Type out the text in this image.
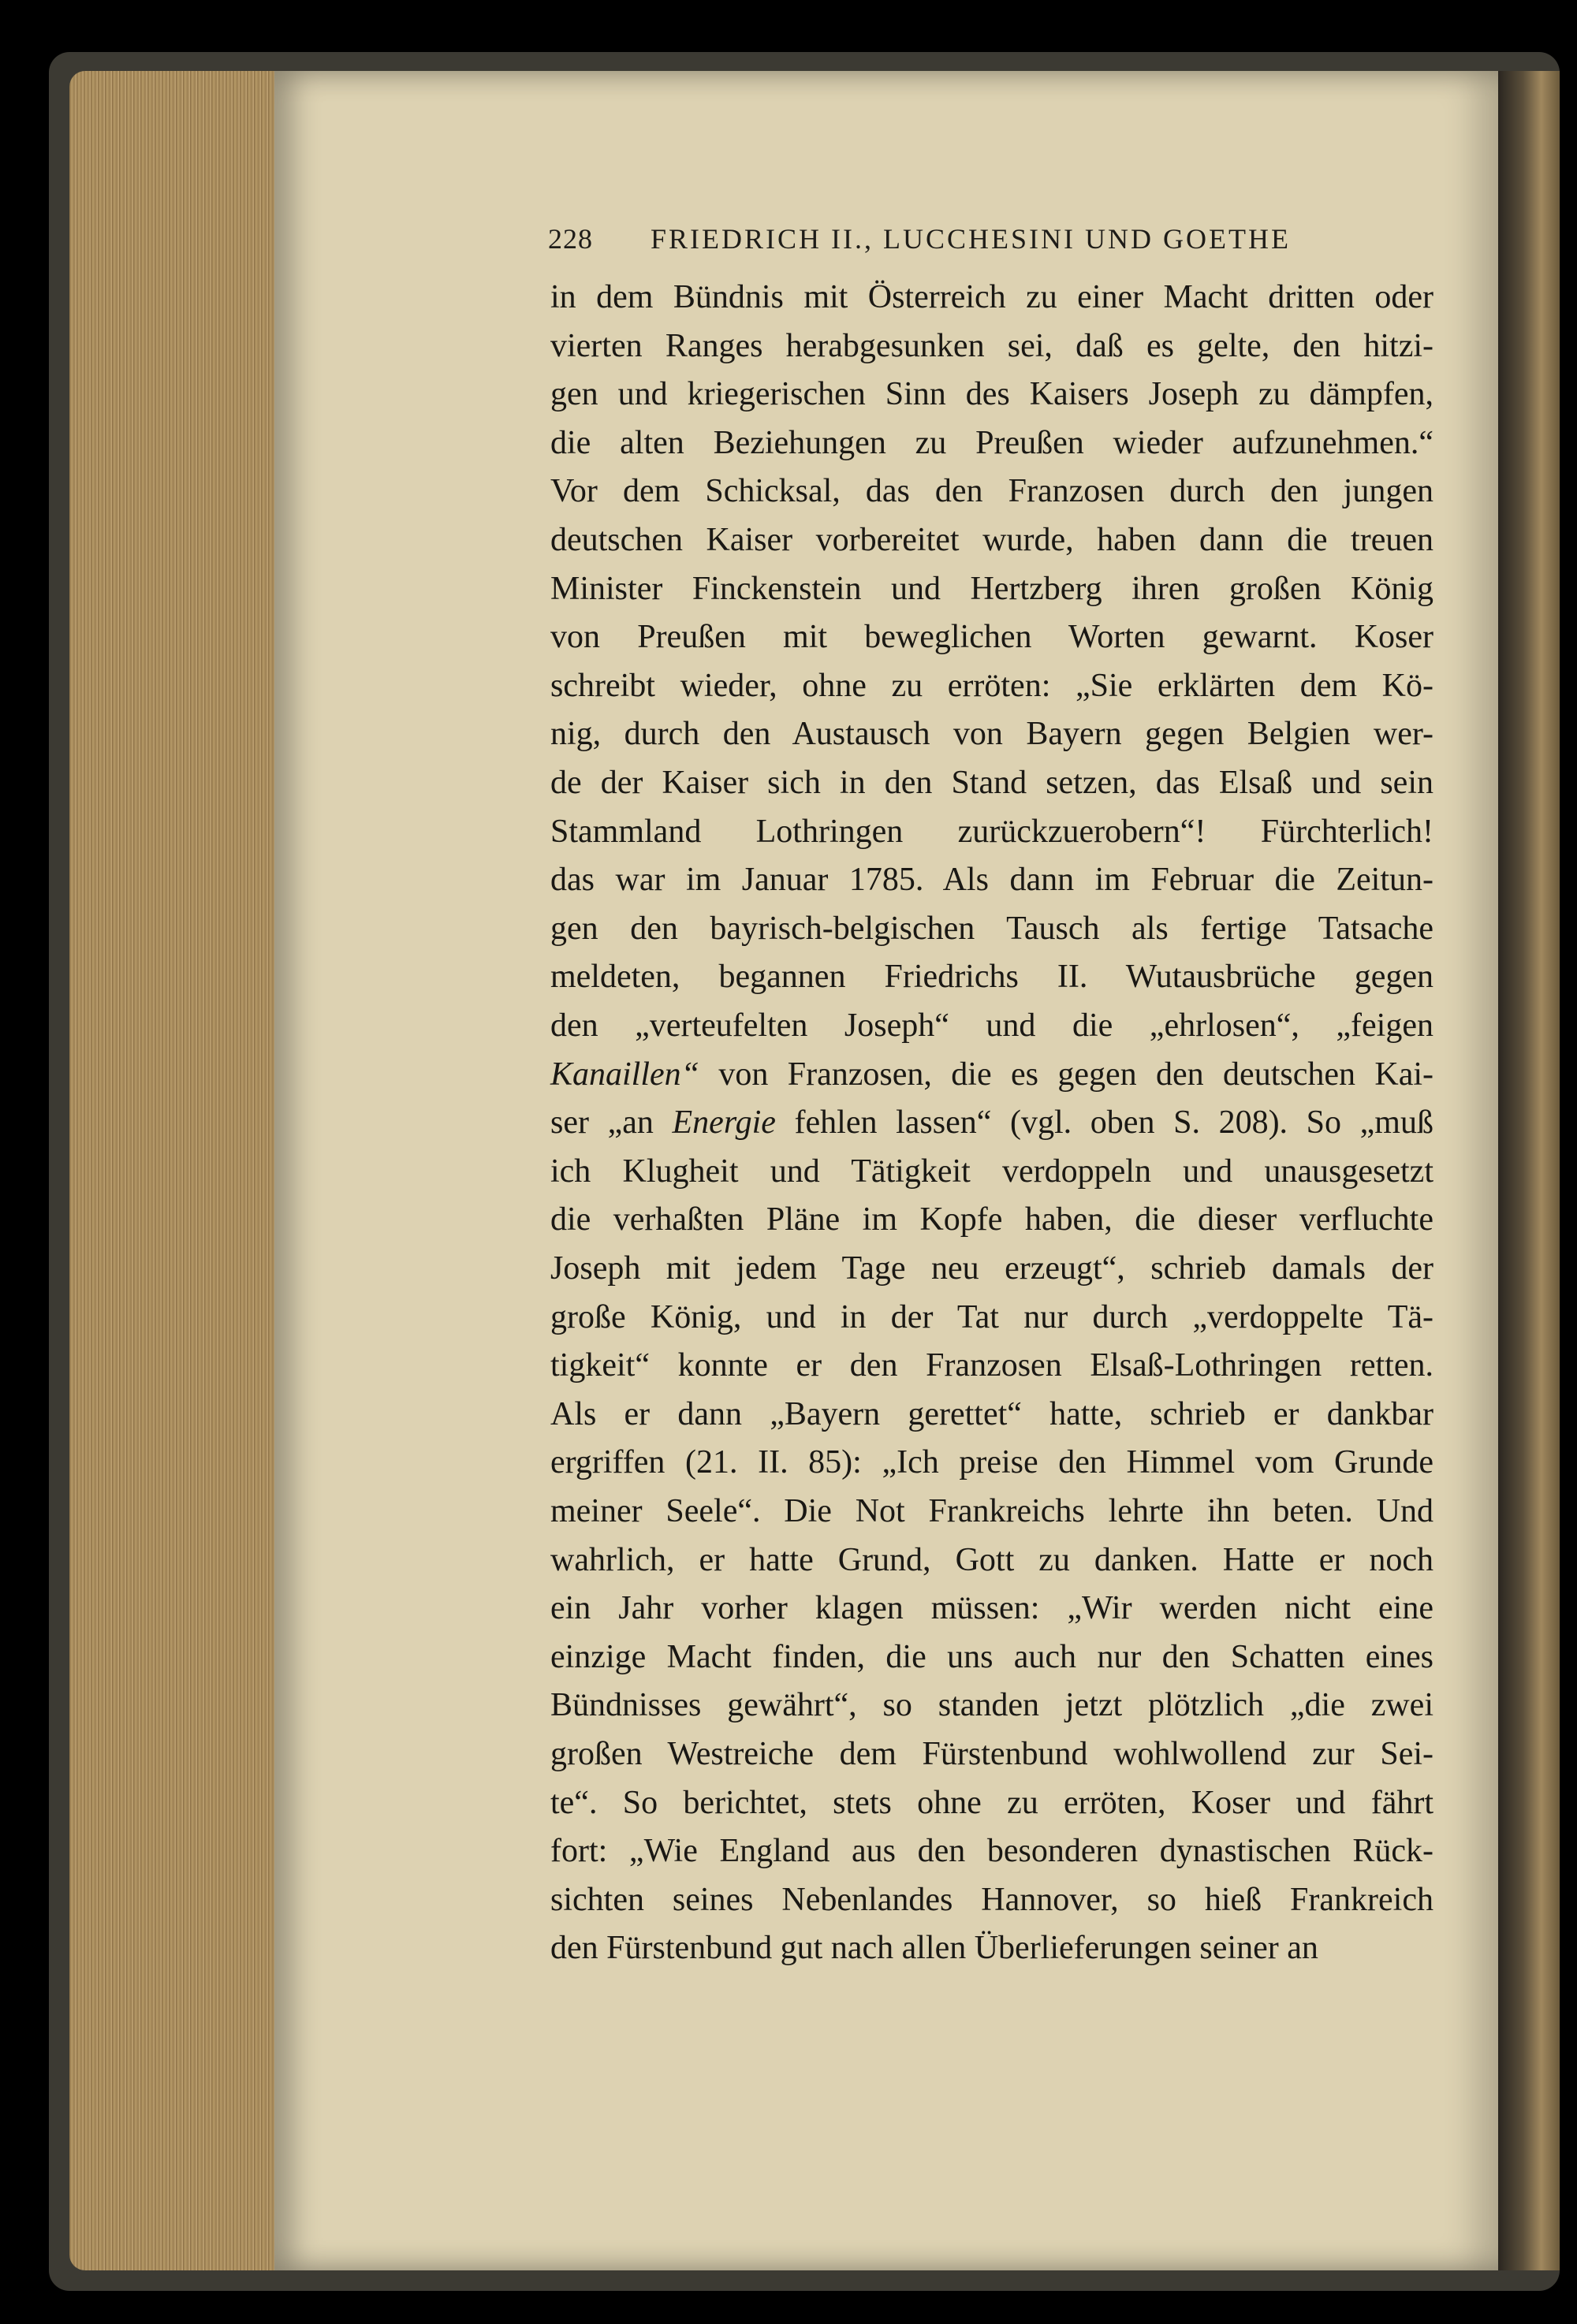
228 FRIEDRICH II., LUCCHESINI UND GOETHE
in dem Bündnis mit Österreich zu einer Macht dritten oder
vierten Ranges herabgesunken sei, daß es gelte, den hitzi-
gen und kriegerischen Sinn des Kaisers Joseph zu dämpfen,
die alten Beziehungen zu Preußen wieder aufzunehmen.“
Vor dem Schicksal, das den Franzosen durch den jungen
deutschen Kaiser vorbereitet wurde, haben dann die treuen
Minister Finckenstein und Hertzberg ihren großen König
von Preußen mit beweglichen Worten gewarnt. Koser
schreibt wieder, ohne zu erröten: „Sie erklärten dem Kö-
nig, durch den Austausch von Bayern gegen Belgien wer-
de der Kaiser sich in den Stand setzen, das Elsaß und sein
Stammland Lothringen zurückzuerobern“! Fürchterlich!
das war im Januar 1785. Als dann im Februar die Zeitun-
gen den bayrisch-belgischen Tausch als fertige Tatsache
meldeten, begannen Friedrichs II. Wutausbrüche gegen
den „verteufelten Joseph“ und die „ehrlosen“, „feigen
Kanaillen“ von Franzosen, die es gegen den deutschen Kai-
ser „an Energie fehlen lassen“ (vgl. oben S. 208). So „muß
ich Klugheit und Tätigkeit verdoppeln und unausgesetzt
die verhaßten Pläne im Kopfe haben, die dieser verfluchte
Joseph mit jedem Tage neu erzeugt“, schrieb damals der
große König, und in der Tat nur durch „verdoppelte Tä-
tigkeit“ konnte er den Franzosen Elsaß-Lothringen retten.
Als er dann „Bayern gerettet“ hatte, schrieb er dankbar
ergriffen (21. II. 85): „Ich preise den Himmel vom Grunde
meiner Seele“. Die Not Frankreichs lehrte ihn beten. Und
wahrlich, er hatte Grund, Gott zu danken. Hatte er noch
ein Jahr vorher klagen müssen: „Wir werden nicht eine
einzige Macht finden, die uns auch nur den Schatten eines
Bündnisses gewährt“, so standen jetzt plötzlich „die zwei
großen Westreiche dem Fürstenbund wohlwollend zur Sei-
te“. So berichtet, stets ohne zu erröten, Koser und fährt
fort: „Wie England aus den besonderen dynastischen Rück-
sichten seines Nebenlandes Hannover, so hieß Frankreich
den Fürstenbund gut nach allen Überlieferungen seiner an
